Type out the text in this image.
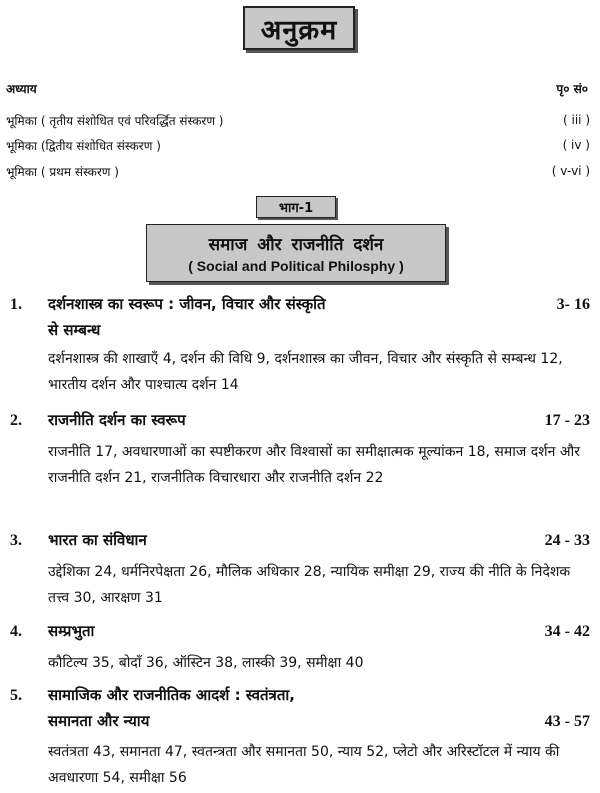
अनुक्रम
अध्याय	पृ० सं०
भूमिका ( तृतीय संशोधित एवं परिवर्द्धित संस्करण )	( iii )
भूमिका (द्वितीय संशोधित संस्करण )	( iv )
भूमिका ( प्रथम संस्करण )	( v-vi )
भाग-1
समाज और राजनीति दर्शन
( Social and Political Philosphy )
1. दर्शनशास्त्र का स्वरूप : जीवन, विचार और संस्कृति
से सम्बन्ध
3- 16
दर्शनशास्त्र की शाखाएँ 4, दर्शन की विधि 9, दर्शनशास्त्र का जीवन, विचार और संस्कृति से सम्बन्ध 12, भारतीय दर्शन और पाश्चात्य दर्शन 14
2. राजनीति दर्शन का स्वरूप	17 - 23
राजनीति 17, अवधारणाओं का स्पष्टीकरण और विश्वासों का समीक्षात्मक मूल्यांकन 18, समाज दर्शन और राजनीति दर्शन 21, राजनीतिक विचारधारा और राजनीति दर्शन 22
3. भारत का संविधान	24 - 33
उद्देशिका 24, धर्मनिरपेक्षता 26, मौलिक अधिकार 28, न्यायिक समीक्षा 29, राज्य की नीति के निदेशक तत्त्व 30, आरक्षण 31
4. सम्प्रभुता	34 - 42
कौटिल्य 35, बोदाँ 36, ऑस्टिन 38, लास्की 39, समीक्षा 40
5. सामाजिक और राजनीतिक आदर्श : स्वतंत्रता,
समानता और न्याय	43 - 57
स्वतंत्रता 43, समानता 47, स्वतन्त्रता और समानता 50, न्याय 52, प्लेटो और अरिस्टॉटल में न्याय की अवधारणा 54, समीक्षा 56
